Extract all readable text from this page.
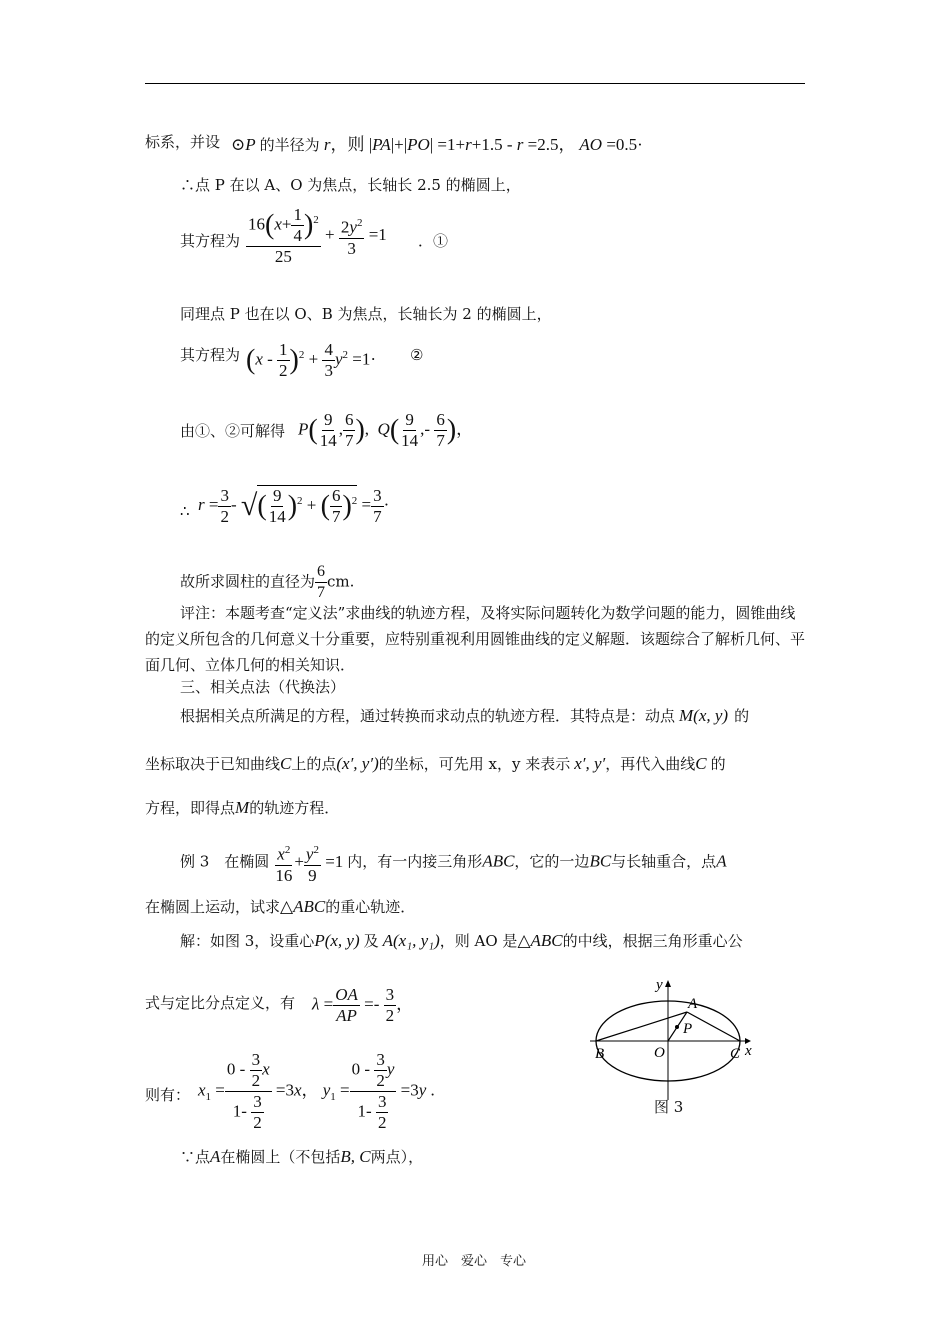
标系，并设 ⊙P 的半径为 r，则 |PA|+|PO| =1+r+1.5 - r =2.5， AO =0.5·
∴点 P 在以 A、O 为焦点，长轴长 2.5 的椭圆上，
其方程为 $\frac{16(x+ \frac{1}{4} )^2}{25} + \frac{2y^2}{3} =1$ ．①
同理点 P 也在以 O、B 为焦点，长轴长为 2 的椭圆上，
其方程为 $(x - \frac{1}{2} )^2 + \frac{4}{3} y^2 =1\cdot$ ②
由①、②可解得 $P( \frac{9}{14}$ , $\frac{6}{7}$ ),  $Q( \frac{9}{14}$ ,- $\frac{6}{7}$ )，
∴ $r = \frac{3}{2}$ - √( $\frac{9}{14} )^2$ + ( $\frac{6}{7} )^2 = \frac{3}{7}$ ·
故所求圆柱的直径为 $\frac{6}{7}$ cm.
评注：本题考查“定义法”求曲线的轨迹方程，及将实际问题转化为数学问题的能力，圆锥曲线的定义所包含的几何意义十分重要，应特别重视利用圆锥曲线的定义解题．该题综合了解析几何、平面几何、立体几何的相关知识．
三、相关点法（代换法）
根据相关点所满足的方程，通过转换而求动点的轨迹方程．其特点是：动点 M(x, y) 的
坐标取决于已知曲线C上的点(x′, y′)的坐标，可先用 x，y 来表示 x′, y′，再代入曲线C 的
方程，即得点M的轨迹方程．
例 3　在椭圆 $\frac{x^2}{16} + \frac{y^2}{9} =1$ 内，有一内接三角形ABC，它的一边BC与长轴重合，点A
在椭圆上运动，试求△ABC的重心轨迹．
解：如图 3，设重心P(x, y) 及 A(x₁, y₁)，则 AO 是△ABC的中线，根据三角形重心公
式与定比分点定义，有 $\lambda = \frac{OA}{AP} =- \frac{3}{2}$ ，
则有： $x_1 = \frac{0 - \frac{3}{2} x}{1- \frac{3}{2}} =3x$， $y_1 = \frac{0 - \frac{3}{2} y}{1- \frac{3}{2}} =3y$ .
∵点A在椭圆上（不包括B, C两点），
y
A
P
B	O	C x
图 3
用心　爱心　专心
